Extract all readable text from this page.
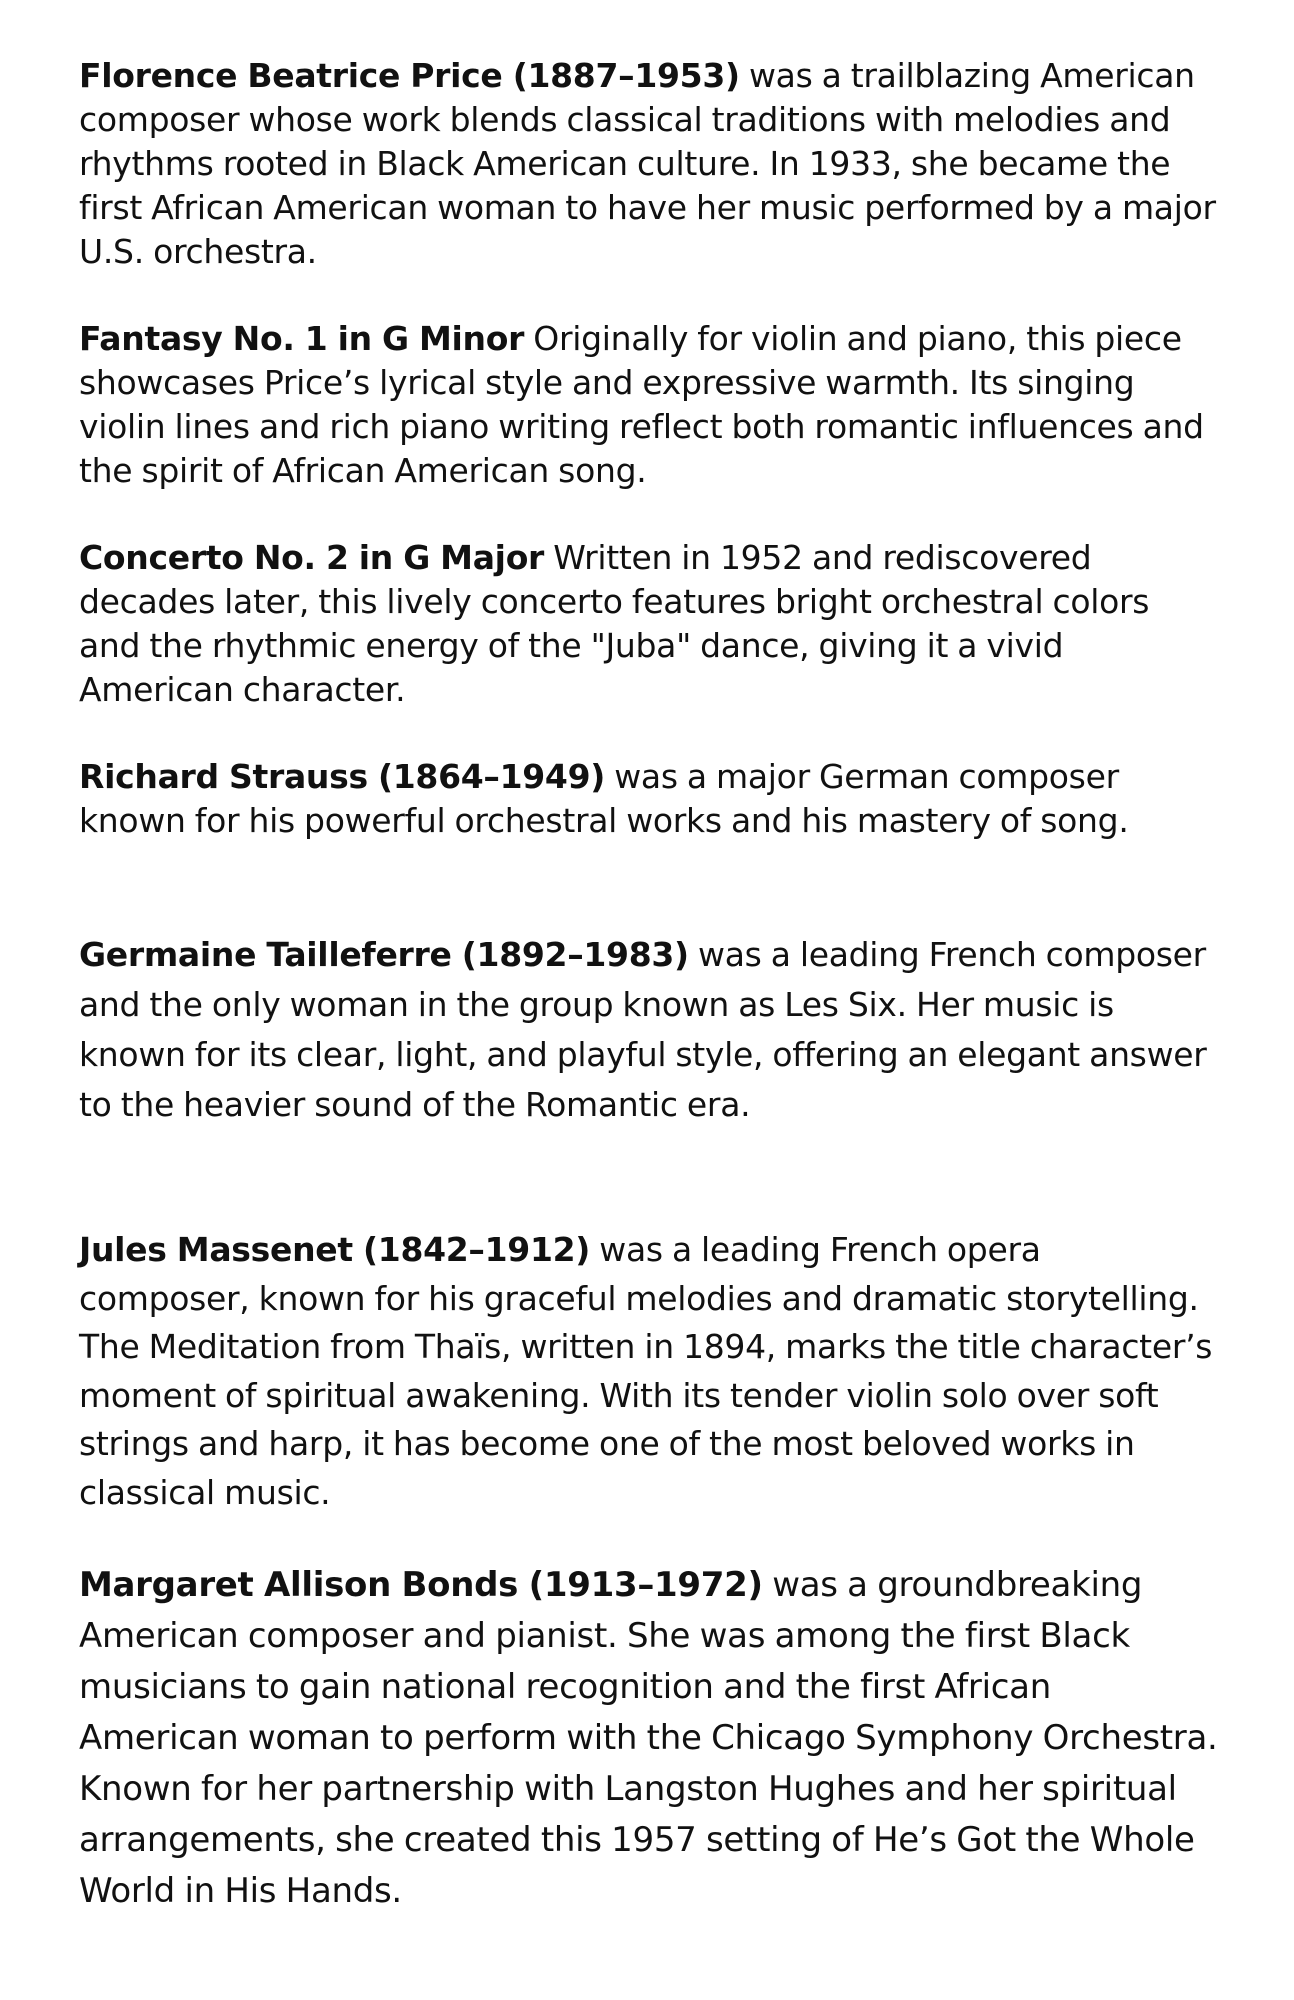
Florence Beatrice Price (1887–1953) was a trailblazing American composer whose work blends classical traditions with melodies and rhythms rooted in Black American culture. In 1933, she became the first African American woman to have her music performed by a major U.S. orchestra.

Fantasy No. 1 in G Minor Originally for violin and piano, this piece showcases Price’s lyrical style and expressive warmth. Its singing violin lines and rich piano writing reflect both romantic influences and the spirit of African American song.

Concerto No. 2 in G Major Written in 1952 and rediscovered decades later, this lively concerto features bright orchestral colors and the rhythmic energy of the "Juba" dance, giving it a vivid American character.

Richard Strauss (1864–1949) was a major German composer known for his powerful orchestral works and his mastery of song.

Germaine Tailleferre (1892–1983) was a leading French composer and the only woman in the group known as Les Six. Her music is known for its clear, light, and playful style, offering an elegant answer to the heavier sound of the Romantic era.

Jules Massenet (1842–1912) was a leading French opera composer, known for his graceful melodies and dramatic storytelling. The Meditation from Thaïs, written in 1894, marks the title character’s moment of spiritual awakening. With its tender violin solo over soft strings and harp, it has become one of the most beloved works in classical music.

Margaret Allison Bonds (1913–1972) was a groundbreaking American composer and pianist. She was among the first Black musicians to gain national recognition and the first African American woman to perform with the Chicago Symphony Orchestra. Known for her partnership with Langston Hughes and her spiritual arrangements, she created this 1957 setting of He’s Got the Whole World in His Hands.
